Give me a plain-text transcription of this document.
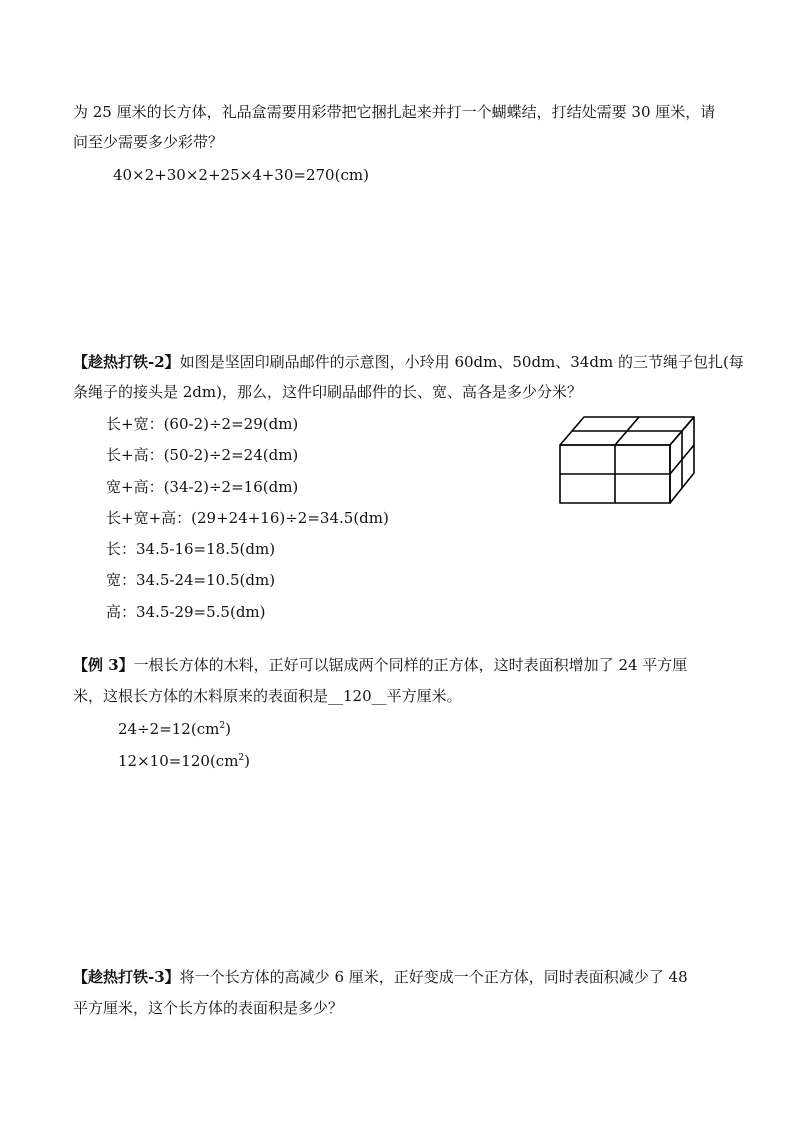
为 25 厘米的长方体，礼品盒需要用彩带把它捆扎起来并打一个蝴蝶结，打结处需要 30 厘米，请
问至少需要多少彩带？
40×2+30×2+25×4+30=270(cm)
【趁热打铁-2】如图是坚固印刷品邮件的示意图，小玲用 60dm、50dm、34dm 的三节绳子包扎(每
条绳子的接头是 2dm)，那么，这件印刷品邮件的长、宽、高各是多少分米？
长+宽：(60-2)÷2=29(dm)
长+高：(50-2)÷2=24(dm)
宽+高：(34-2)÷2=16(dm)
长+宽+高：(29+24+16)÷2=34.5(dm)
长：34.5-16=18.5(dm)
宽：34.5-24=10.5(dm)
高：34.5-29=5.5(dm)
【例 3】一根长方体的木料，正好可以锯成两个同样的正方体，这时表面积增加了 24 平方厘
米，这根长方体的木料原来的表面积是__120__平方厘米。
$24\div 2=12(cm^2)$
$12\times 10=120(cm^2)$
【趁热打铁-3】将一个长方体的高减少 6 厘米，正好变成一个正方体，同时表面积减少了 48
平方厘米，这个长方体的表面积是多少？
